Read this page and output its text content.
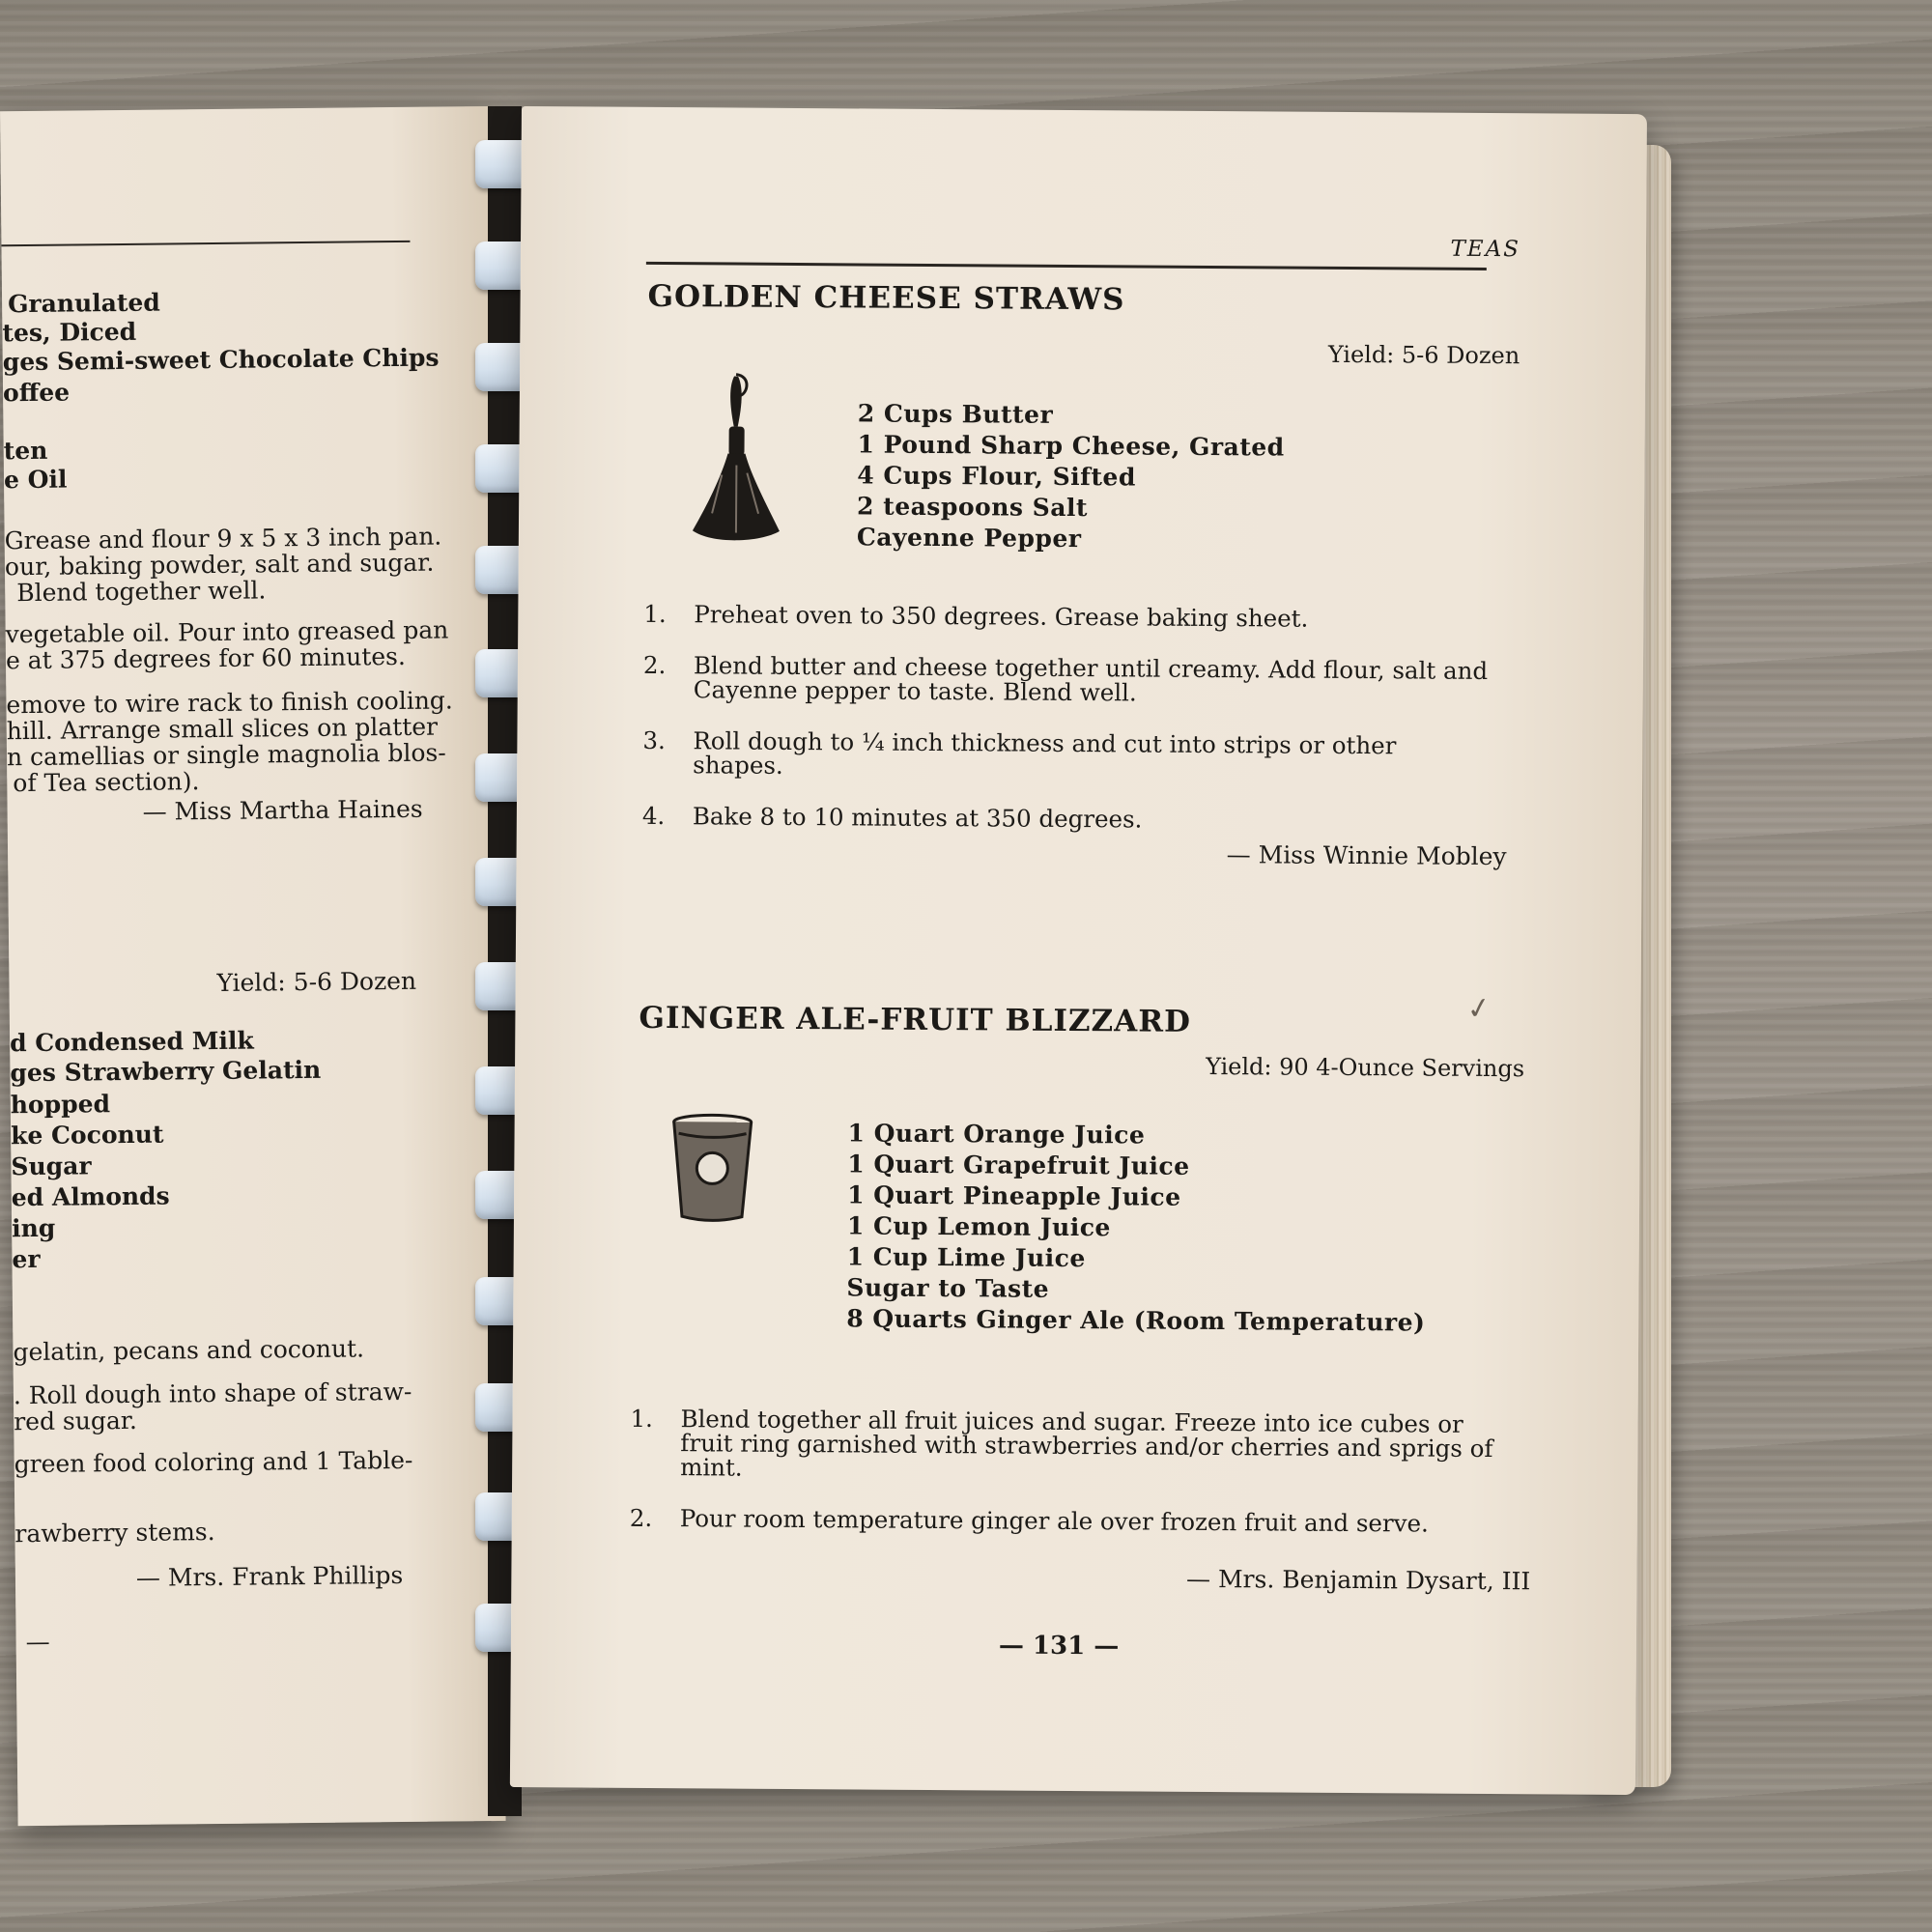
Granulated
tes, Diced
ges Semi-sweet Chocolate Chips
offee
ten
e Oil
Grease and flour 9 x 5 x 3 inch pan.
our, baking powder, salt and sugar.
Blend together well.
vegetable oil. Pour into greased pan
e at 375 degrees for 60 minutes.
emove to wire rack to finish cooling.
hill. Arrange small slices on platter
n camellias or single magnolia blos-
of Tea section).
— Miss Martha Haines
Yield: 5-6 Dozen
d Condensed Milk
ges Strawberry Gelatin
hopped
ke Coconut
Sugar
ed Almonds
ing
er
gelatin, pecans and coconut.
. Roll dough into shape of straw-
red sugar.
green food coloring and 1 Table-
rawberry stems.
— Mrs. Frank Phillips
—
TEAS
GOLDEN CHEESE STRAWS
Yield: 5-6 Dozen
2 Cups Butter
1 Pound Sharp Cheese, Grated
4 Cups Flour, Sifted
2 teaspoons Salt
Cayenne Pepper
1. Preheat oven to 350 degrees. Grease baking sheet.
2. Blend butter and cheese together until creamy. Add flour, salt and Cayenne pepper to taste. Blend well.
3. Roll dough to ¼ inch thickness and cut into strips or other shapes.
4. Bake 8 to 10 minutes at 350 degrees.
— Miss Winnie Mobley
✓
GINGER ALE-FRUIT BLIZZARD
Yield: 90 4-Ounce Servings
1 Quart Orange Juice
1 Quart Grapefruit Juice
1 Quart Pineapple Juice
1 Cup Lemon Juice
1 Cup Lime Juice
Sugar to Taste
8 Quarts Ginger Ale (Room Temperature)
1. Blend together all fruit juices and sugar. Freeze into ice cubes or fruit ring garnished with strawberries and/or cherries and sprigs of mint.
2. Pour room temperature ginger ale over frozen fruit and serve.
— Mrs. Benjamin Dysart, III
— 131 —
